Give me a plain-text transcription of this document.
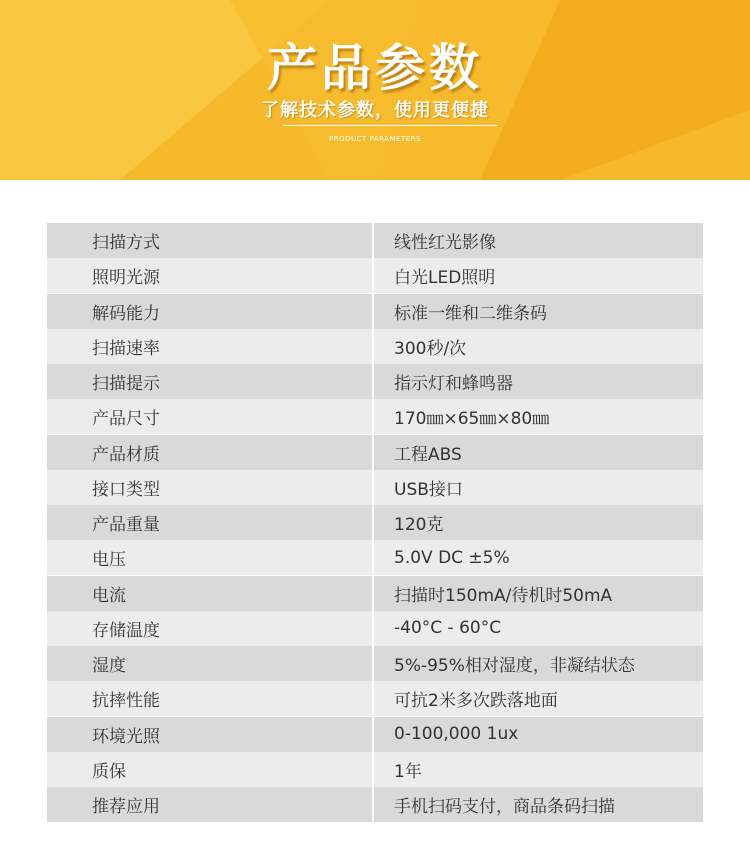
产品参数
了解技术参数，使用更便捷
PRODUCT PARAMETERS
扫描方式	线性红光影像
照明光源	白光LED照明
解码能力	标准一维和二维条码
扫描速率	300秒/次
扫描提示	指示灯和蜂鸣器
产品尺寸	170㎜×65㎜×80㎜
产品材质	工程ABS
接口类型	USB接口
产品重量	120克
电压	5.0V DC ±5%
电流	扫描时150mA/待机时50mA
存储温度	-40°C - 60°C
湿度	5%-95%相对湿度，非凝结状态
抗摔性能	可抗2米多次跌落地面
环境光照	0-100,000 1ux
质保	1年
推荐应用	手机扫码支付，商品条码扫描
